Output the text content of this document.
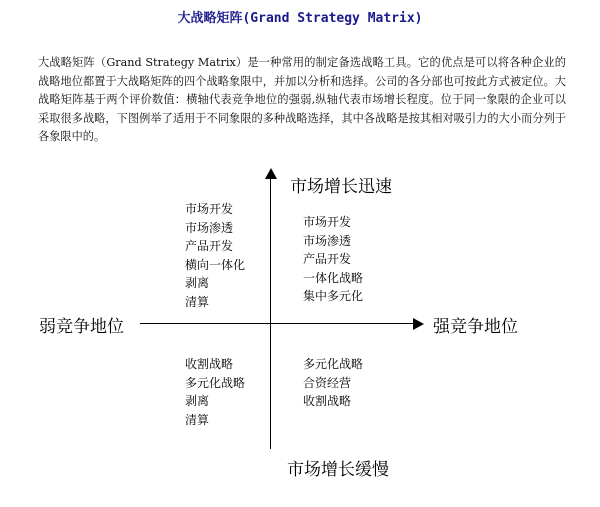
大战略矩阵(Grand Strategy Matrix)
大战略矩阵（Grand Strategy Matrix）是一种常用的制定备选战略工具。它的优点是可以将各种企业的战略地位都置于大战略矩阵的四个战略象限中，并加以分析和选择。公司的各分部也可按此方式被定位。大战略矩阵基于两个评价数值：横轴代表竞争地位的强弱,纵轴代表市场增长程度。位于同一象限的企业可以采取很多战略，下图例举了适用于不同象限的多种战略选择，其中各战略是按其相对吸引力的大小而分列于各象限中的。
市场增长迅速
市场增长缓慢
弱竞争地位	强竞争地位
市场开发
市场渗透
产品开发
横向一体化
剥离
清算
市场开发
市场渗透
产品开发
一体化战略
集中多元化
收割战略
多元化战略
剥离
清算
多元化战略
合资经营
收割战略
